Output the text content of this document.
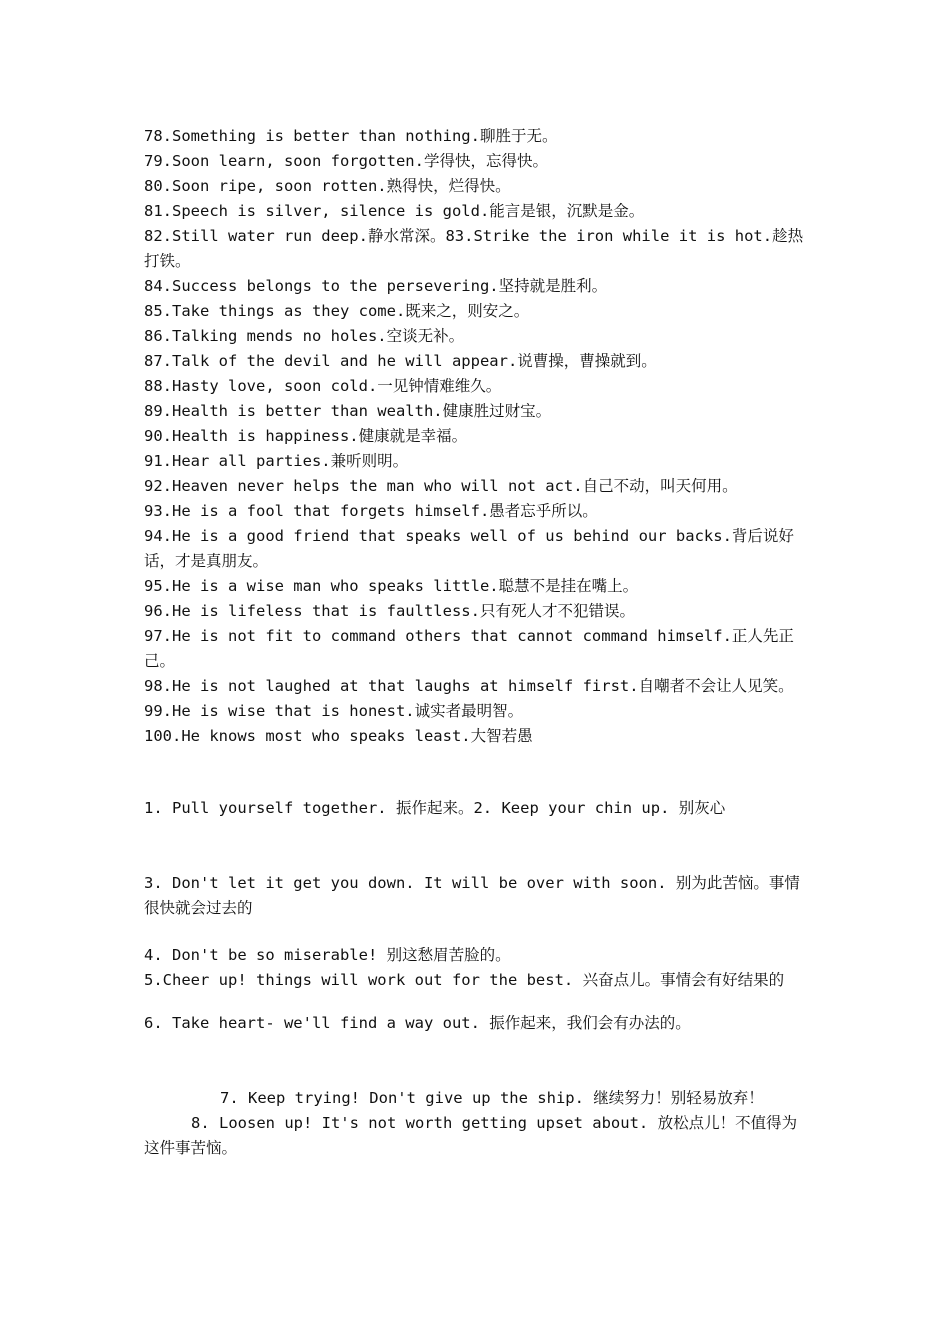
78.Something is better than nothing.聊胜于无。

79.Soon learn, soon forgotten.学得快，忘得快。

80.Soon ripe, soon rotten.熟得快，烂得快。

81.Speech is silver, silence is gold.能言是银，沉默是金。

82.Still water run deep.静水常深。83.Strike the iron while it is hot.趁热打铁。

84.Success belongs to the persevering.坚持就是胜利。

85.Take things as they come.既来之，则安之。

86.Talking mends no holes.空谈无补。

87.Talk of the devil and he will appear.说曹操，曹操就到。

88.Hasty love, soon cold.一见钟情难维久。

89.Health is better than wealth.健康胜过财宝。

90.Health is happiness.健康就是幸福。

91.Hear all parties.兼听则明。

92.Heaven never helps the man who will not act.自己不动，叫天何用。

93.He is a fool that forgets himself.愚者忘乎所以。

94.He is a good friend that speaks well of us behind our backs.背后说好话，才是真朋友。

95.He is a wise man who speaks little.聪慧不是挂在嘴上。

96.He is lifeless that is faultless.只有死人才不犯错误。

97.He is not fit to command others that cannot command himself.正人先正己。

98.He is not laughed at that laughs at himself first.自嘲者不会让人见笑。

99.He is wise that is honest.诚实者最明智。

100.He knows most who speaks least.大智若愚

1. Pull yourself together. 振作起来。2. Keep your chin up. 别灰心

3. Don't let it get you down. It will be over with soon. 别为此苦恼。事情很快就会过去的

4. Don't be so miserable! 别这愁眉苦脸的。

5.Cheer up! things will work out for the best. 兴奋点儿。事情会有好结果的

6. Take heart- we'll find a way out. 振作起来，我们会有办法的。

7. Keep trying! Don't give up the ship. 继续努力！别轻易放弃！

8. Loosen up! It's not worth getting upset about. 放松点儿！不值得为这件事苦恼。
